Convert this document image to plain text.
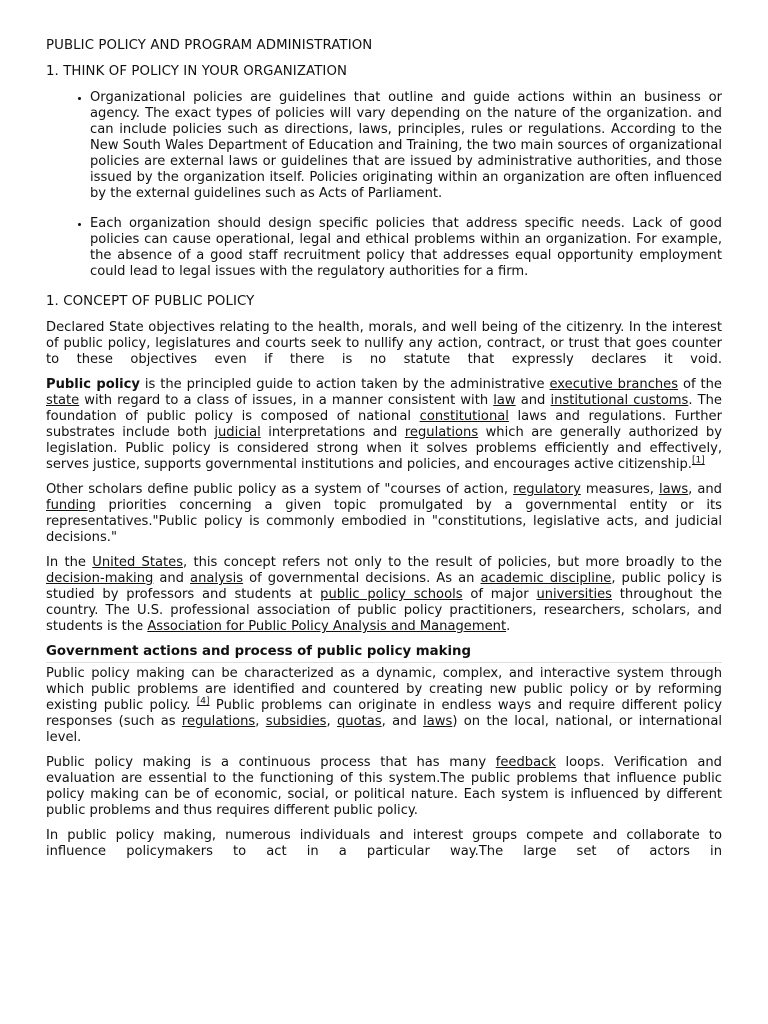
PUBLIC POLICY AND PROGRAM ADMINISTRATION
1. THINK OF POLICY IN YOUR ORGANIZATION
• Organizational policies are guidelines that outline and guide actions within an business or agency. The exact types of policies will vary depending on the nature of the organization. and can include policies such as directions, laws, principles, rules or regulations. According to the New South Wales Department of Education and Training, the two main sources of organizational policies are external laws or guidelines that are issued by administrative authorities, and those issued by the organization itself. Policies originating within an organization are often influenced by the external guidelines such as Acts of Parliament.
• Each organization should design specific policies that address specific needs. Lack of good policies can cause operational, legal and ethical problems within an organization. For example, the absence of a good staff recruitment policy that addresses equal opportunity employment could lead to legal issues with the regulatory authorities for a firm.
1. CONCEPT OF PUBLIC POLICY

Declared State objectives relating to the health, morals, and well being of the citizenry. In the interest of public policy, legislatures and courts seek to nullify any action, contract, or trust that goes counter to these objectives even if there is no statute that expressly declares it void.

Public policy is the principled guide to action taken by the administrative executive branches of the state with regard to a class of issues, in a manner consistent with law and institutional customs. The foundation of public policy is composed of national constitutional laws and regulations. Further substrates include both judicial interpretations and regulations which are generally authorized by legislation. Public policy is considered strong when it solves problems efficiently and effectively, serves justice, supports governmental institutions and policies, and encourages active citizenship.[1]

Other scholars define public policy as a system of "courses of action, regulatory measures, laws, and funding priorities concerning a given topic promulgated by a governmental entity or its representatives."Public policy is commonly embodied in "constitutions, legislative acts, and judicial decisions."

In the United States, this concept refers not only to the result of policies, but more broadly to the decision-making and analysis of governmental decisions. As an academic discipline, public policy is studied by professors and students at public policy schools of major universities throughout the country. The U.S. professional association of public policy practitioners, researchers, scholars, and students is the Association for Public Policy Analysis and Management.

Government actions and process of public policy making

Public policy making can be characterized as a dynamic, complex, and interactive system through which public problems are identified and countered by creating new public policy or by reforming existing public policy. [4] Public problems can originate in endless ways and require different policy responses (such as regulations, subsidies, quotas, and laws) on the local, national, or international level.

Public policy making is a continuous process that has many feedback loops. Verification and evaluation are essential to the functioning of this system.The public problems that influence public policy making can be of economic, social, or political nature. Each system is influenced by different public problems and thus requires different public policy.

In public policy making, numerous individuals and interest groups compete and collaborate to influence policymakers to act in a particular way.The large set of actors in
